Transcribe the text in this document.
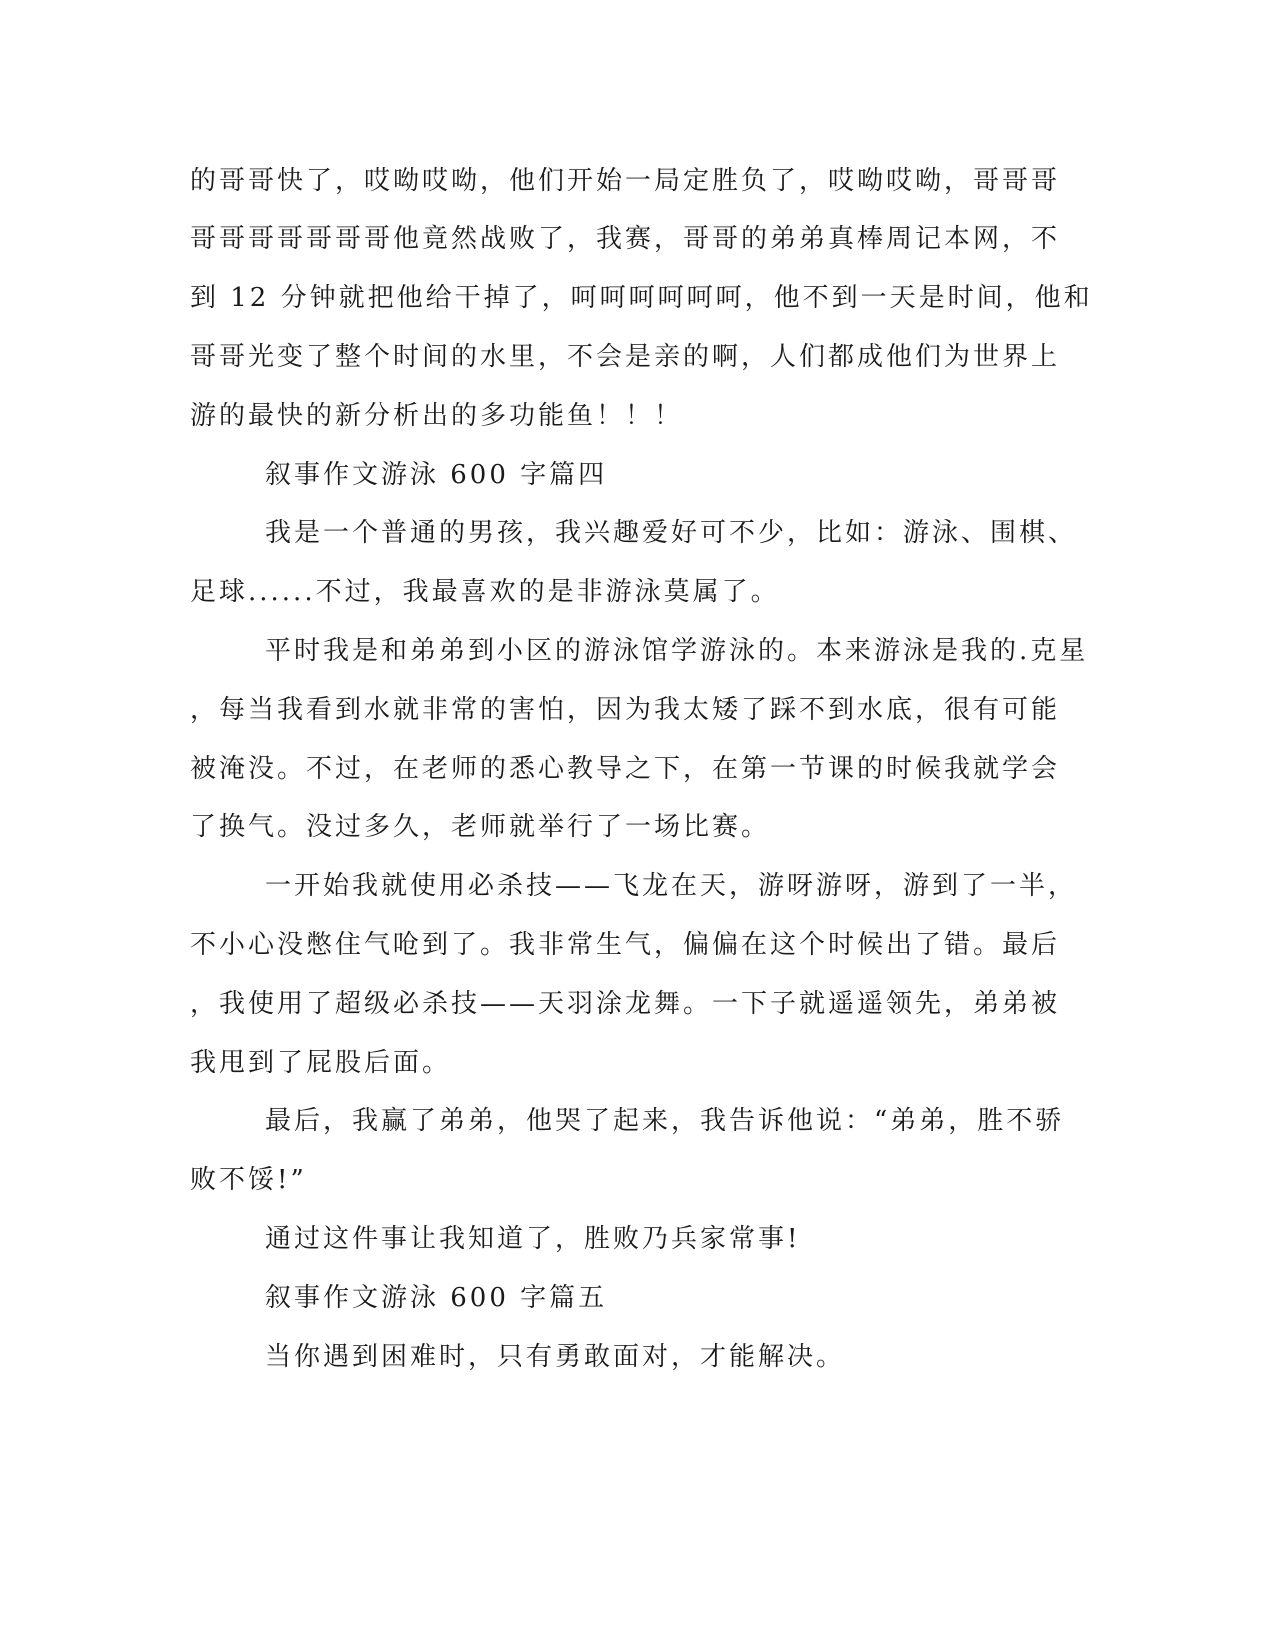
的哥哥快了，哎呦哎呦，他们开始一局定胜负了，哎呦哎呦，哥哥哥
哥哥哥哥哥哥哥他竟然战败了，我赛，哥哥的弟弟真棒周记本网，不
到 12 分钟就把他给干掉了，呵呵呵呵呵呵，他不到一天是时间，他和
哥哥光变了整个时间的水里，不会是亲的啊，人们都成他们为世界上
游的最快的新分析出的多功能鱼！！！
叙事作文游泳 600 字篇四
我是一个普通的男孩，我兴趣爱好可不少，比如：游泳、围棋、
足球......不过，我最喜欢的是非游泳莫属了。
平时我是和弟弟到小区的游泳馆学游泳的。本来游泳是我的.克星
，每当我看到水就非常的害怕，因为我太矮了踩不到水底，很有可能
被淹没。不过，在老师的悉心教导之下，在第一节课的时候我就学会
了换气。没过多久，老师就举行了一场比赛。
一开始我就使用必杀技——飞龙在天，游呀游呀，游到了一半，
不小心没憋住气呛到了。我非常生气，偏偏在这个时候出了错。最后
，我使用了超级必杀技——天羽涂龙舞。一下子就遥遥领先，弟弟被
我甩到了屁股后面。
最后，我赢了弟弟，他哭了起来，我告诉他说：“弟弟，胜不骄
败不馁!”
通过这件事让我知道了，胜败乃兵家常事!
叙事作文游泳 600 字篇五
当你遇到困难时，只有勇敢面对，才能解决。
